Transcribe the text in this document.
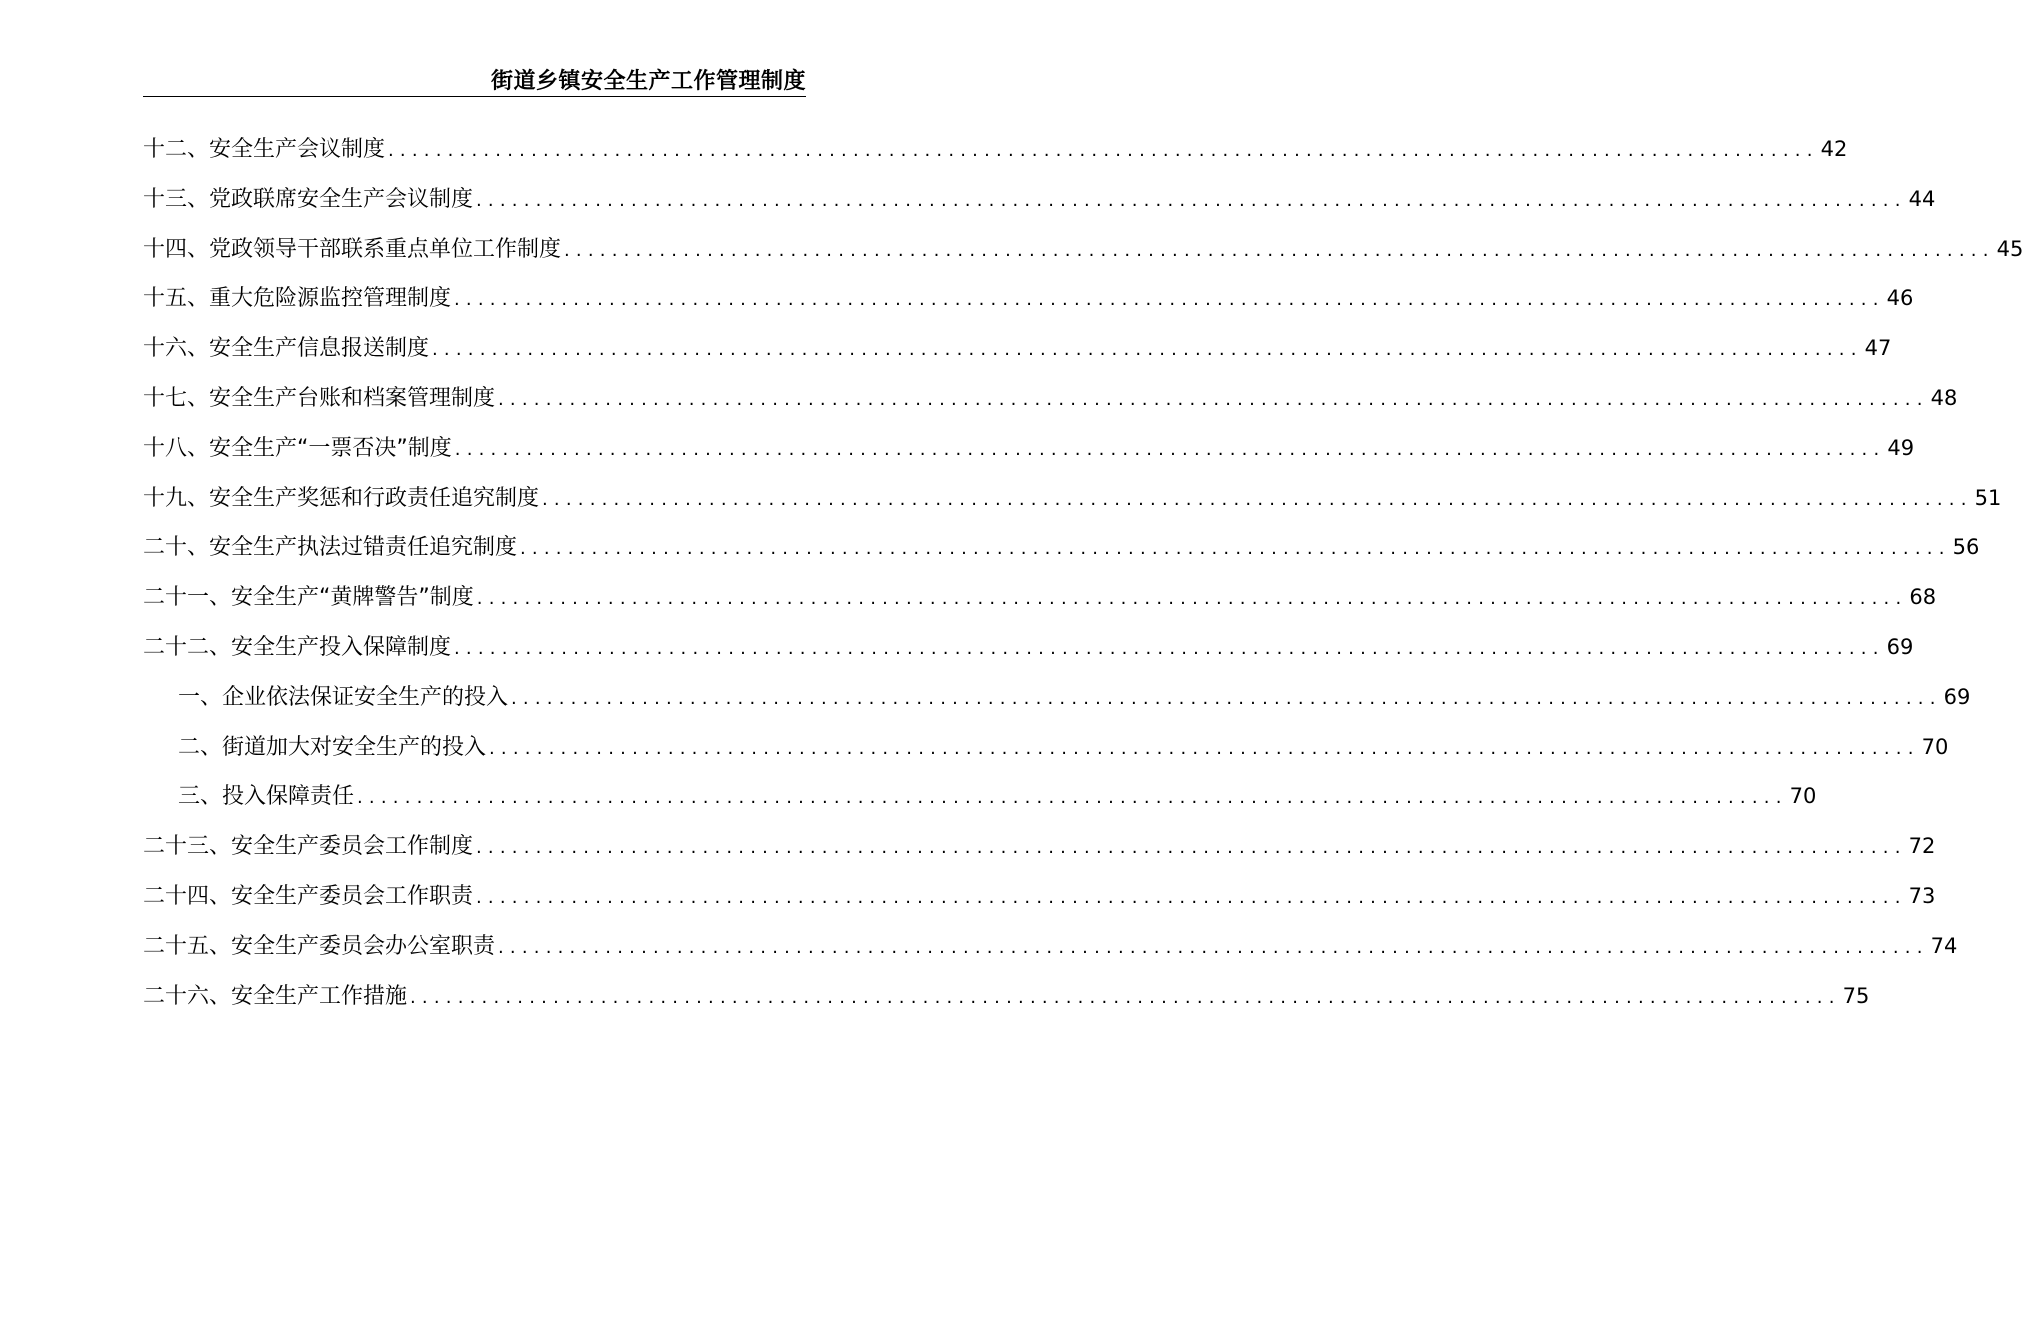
街道乡镇安全生产工作管理制度
十二、安全生产会议制度 ........................................................................................................................ 42
十三、党政联席安全生产会议制度 ........................................................................................................................ 44
十四、党政领导干部联系重点单位工作制度 ........................................................................................................................ 45
十五、重大危险源监控管理制度 ........................................................................................................................ 46
十六、安全生产信息报送制度 ........................................................................................................................ 47
十七、安全生产台账和档案管理制度 ........................................................................................................................ 48
十八、安全生产“一票否决”制度 ........................................................................................................................ 49
十九、安全生产奖惩和行政责任追究制度 ........................................................................................................................ 51
二十、安全生产执法过错责任追究制度 ........................................................................................................................ 56
二十一、安全生产“黄牌警告”制度 ........................................................................................................................ 68
二十二、安全生产投入保障制度 ........................................................................................................................ 69
一、企业依法保证安全生产的投入 ........................................................................................................................ 69
二、街道加大对安全生产的投入 ........................................................................................................................ 70
三、投入保障责任 ........................................................................................................................ 70
二十三、安全生产委员会工作制度 ........................................................................................................................ 72
二十四、安全生产委员会工作职责 ........................................................................................................................ 73
二十五、安全生产委员会办公室职责 ........................................................................................................................ 74
二十六、安全生产工作措施 ........................................................................................................................ 75
